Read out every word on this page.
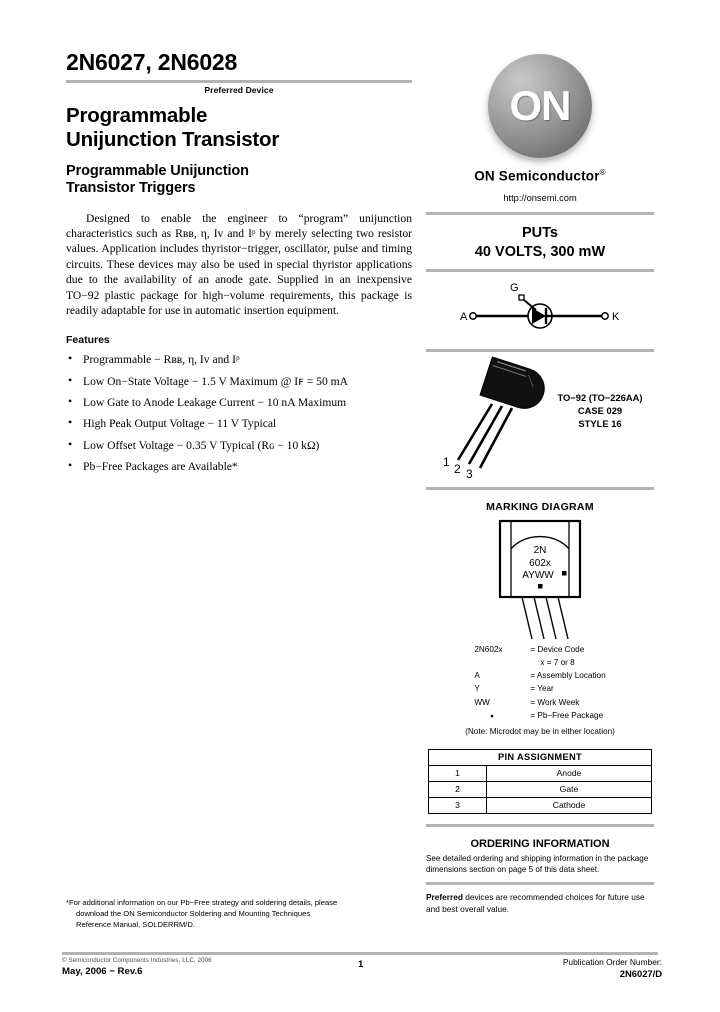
2N6027, 2N6028
Preferred Device
Programmable
Unijunction Transistor
Programmable Unijunction
Transistor Triggers
Designed to enable the engineer to “program” unijunction characteristics such as Rʙʙ, η, Iᴠ and Iᵖ by merely selecting two resistor values. Application includes thyristor−trigger, oscillator, pulse and timing circuits. These devices may also be used in special thyristor applications due to the availability of an anode gate. Supplied in an inexpensive TO−92 plastic package for high−volume requirements, this package is readily adaptable for use in automatic insertion equipment.
Features
• Programmable − Rʙʙ, η, Iᴠ and Iᵖ
• Low On−State Voltage − 1.5 V Maximum @ Iꜰ = 50 mA
• Low Gate to Anode Leakage Current − 10 nA Maximum
• High Peak Output Voltage − 11 V Typical
• Low Offset Voltage − 0.35 V Typical (Rɢ − 10 kΩ)
• Pb−Free Packages are Available*
*For additional information on our Pb−Free strategy and soldering details, please
download the ON Semiconductor Soldering and Mounting Techniques
Reference Manual, SOLDERRM/D.
ON
ON Semiconductor®
http://onsemi.com
PUTs
40 VOLTS, 300 mW
A
G
K
1 2 3
TO−92 (TO−226AA)
CASE 029
STYLE 16
MARKING DIAGRAM
2N
602x
AYWW
2N602x	= Device Code
	x = 7 or 8
A	= Assembly Location
Y	= Year
WW	= Work Week
▪	= Pb−Free Package
(Note: Microdot may be in either location)
PIN ASSIGNMENT	
1	Anode
2	Gate
3	Cathode
ORDERING INFORMATION
See detailed ordering and shipping information in the package dimensions section on page 5 of this data sheet.
Preferred devices are recommended choices for future use and best overall value.
© Semiconductor Components Industries, LLC, 2006
May, 2006 − Rev.6
1	Publication Order Number:
2N6027/D
